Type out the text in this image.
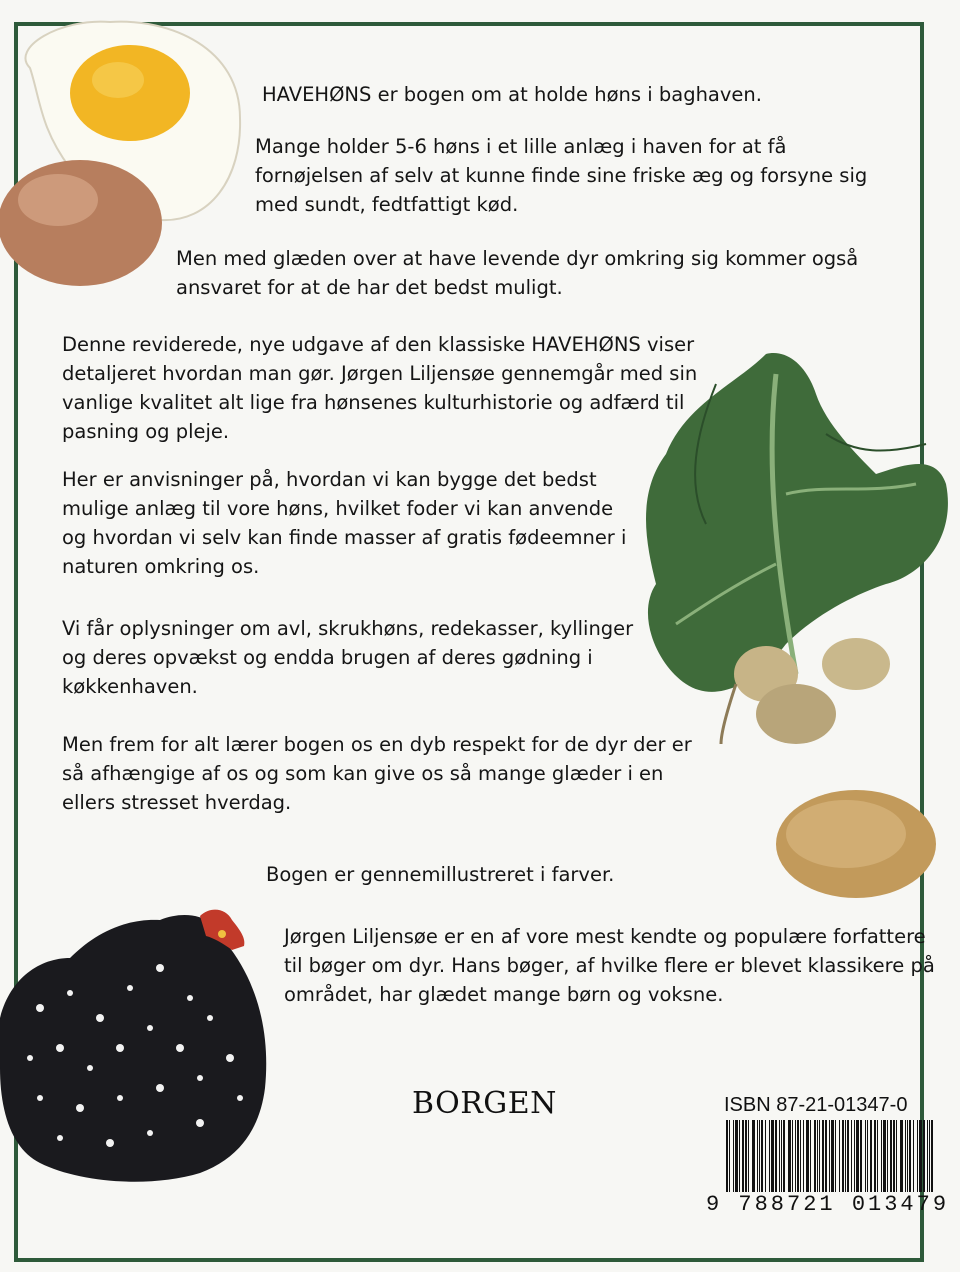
HAVEHØNS er bogen om at holde høns i baghaven.

Mange holder 5-6 høns i et lille anlæg i haven for at få fornøjelsen af selv at kunne finde sine friske æg og forsyne sig med sundt, fedtfattigt kød.

Men med glæden over at have levende dyr omkring sig kommer også ansvaret for at de har det bedst muligt.

Denne reviderede, nye udgave af den klassiske HAVEHØNS viser detaljeret hvordan man gør. Jørgen Liljensøe gennemgår med sin vanlige kvalitet alt lige fra hønsenes kulturhistorie og adfærd til pasning og pleje.

Her er anvisninger på, hvordan vi kan bygge det bedst mulige anlæg til vore høns, hvilket foder vi kan anvende og hvordan vi selv kan finde masser af gratis fødeemner i naturen omkring os.

Vi får oplysninger om avl, skrukhøns, redekasser, kyllinger og deres opvækst og endda brugen af deres gødning i køkkenhaven.

Men frem for alt lærer bogen os en dyb respekt for de dyr der er så afhængige af os og som kan give os så mange glæder i en ellers stresset hverdag.

Bogen er gennemillustreret i farver.

Jørgen Liljensøe er en af vore mest kendte og populære forfattere til bøger om dyr. Hans bøger, af hvilke flere er blevet klassikere på området, har glædet mange børn og voksne.

BORGEN	ISBN 87-21-01347-0
9 788721 013479
